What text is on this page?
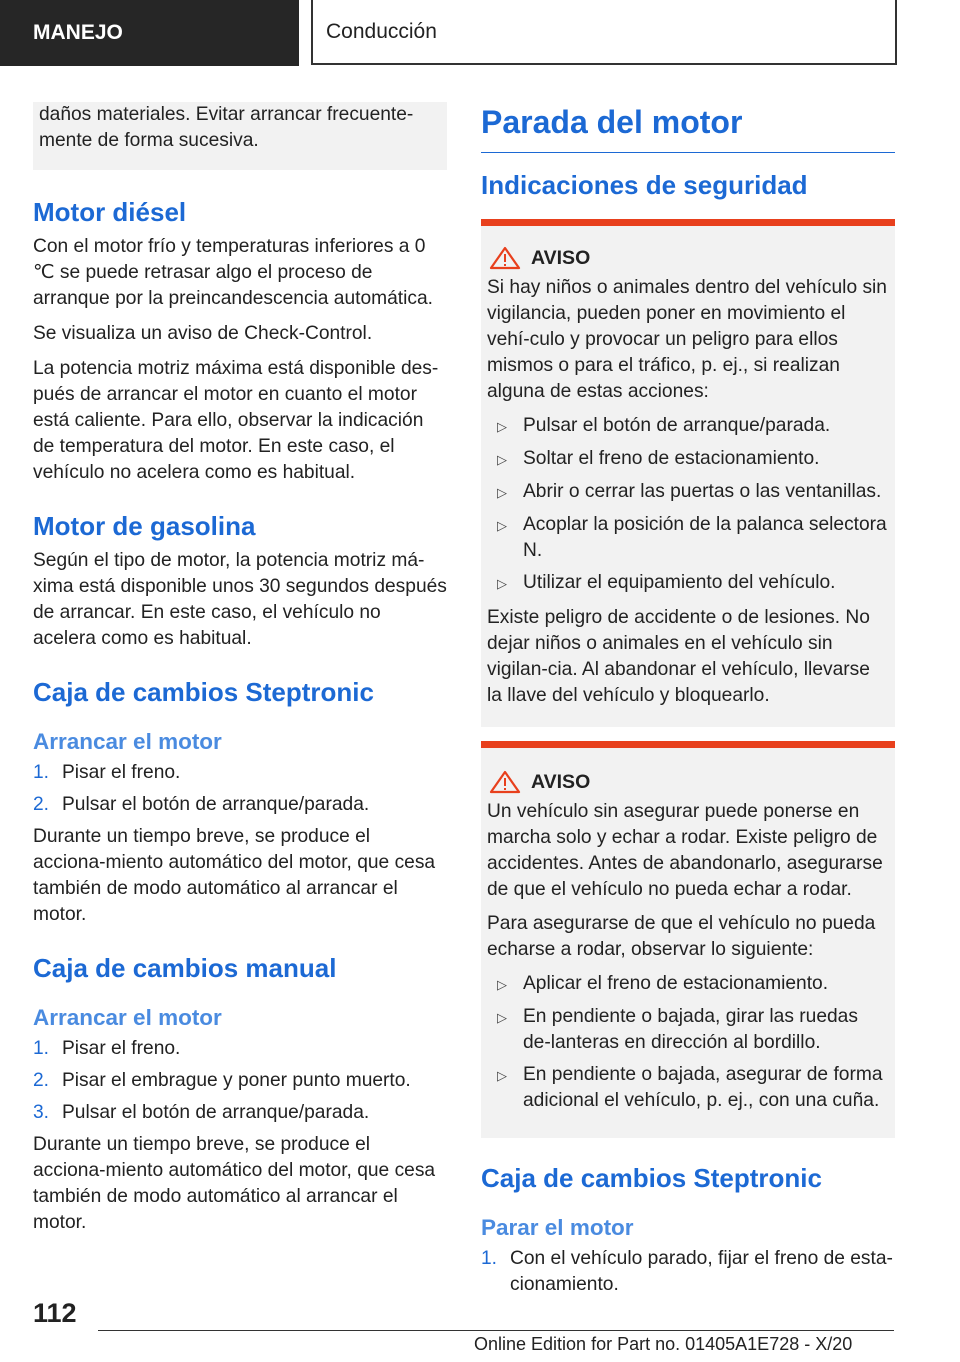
MANEJO	Conducción

daños materiales. Evitar arrancar frecuente-
mente de forma sucesiva.

Motor diésel

Con el motor frío y temperaturas inferiores a 0 ℃ se puede retrasar algo el proceso de arranque por la preincandescencia automática.

Se visualiza un aviso de Check-Control.

La potencia motriz máxima está disponible des-pués de arrancar el motor en cuanto el motor está caliente. Para ello, observar la indicación de temperatura del motor. En este caso, el vehículo no acelera como es habitual.

Motor de gasolina

Según el tipo de motor, la potencia motriz má-xima está disponible unos 30 segundos después de arrancar. En este caso, el vehículo no acelera como es habitual.

Caja de cambios Steptronic
Arrancar el motor
1. Pisar el freno.
2. Pulsar el botón de arranque/parada.

Durante un tiempo breve, se produce el acciona-miento automático del motor, que cesa también de modo automático al arrancar el motor.

Caja de cambios manual
Arrancar el motor
1. Pisar el freno.
2. Pisar el embrague y poner punto muerto.
3. Pulsar el botón de arranque/parada.

Durante un tiempo breve, se produce el acciona-miento automático del motor, que cesa también de modo automático al arrancar el motor.

Parada del motor
Indicaciones de seguridad
AVISO

Si hay niños o animales dentro del vehículo sin vigilancia, pueden poner en movimiento el vehí-culo y provocar un peligro para ellos mismos o para el tráfico, p. ej., si realizan alguna de estas acciones:

▷ Pulsar el botón de arranque/parada.
▷ Soltar el freno de estacionamiento.
▷ Abrir o cerrar las puertas o las ventanillas.
▷ Acoplar la posición de la palanca selectora N.
▷ Utilizar el equipamiento del vehículo.

Existe peligro de accidente o de lesiones. No dejar niños o animales en el vehículo sin vigilan-cia. Al abandonar el vehículo, llevarse la llave del vehículo y bloquearlo.

AVISO

Un vehículo sin asegurar puede ponerse en marcha solo y echar a rodar. Existe peligro de accidentes. Antes de abandonarlo, asegurarse de que el vehículo no pueda echar a rodar.

Para asegurarse de que el vehículo no pueda echarse a rodar, observar lo siguiente:

▷ Aplicar el freno de estacionamiento.
▷ En pendiente o bajada, girar las ruedas de-lanteras en dirección al bordillo.
▷ En pendiente o bajada, asegurar de forma adicional el vehículo, p. ej., con una cuña.
Caja de cambios Steptronic
Parar el motor
1. Con el vehículo parado, fijar el freno de esta-cionamiento.
112
Online Edition for Part no. 01405A1E728 - X/20
